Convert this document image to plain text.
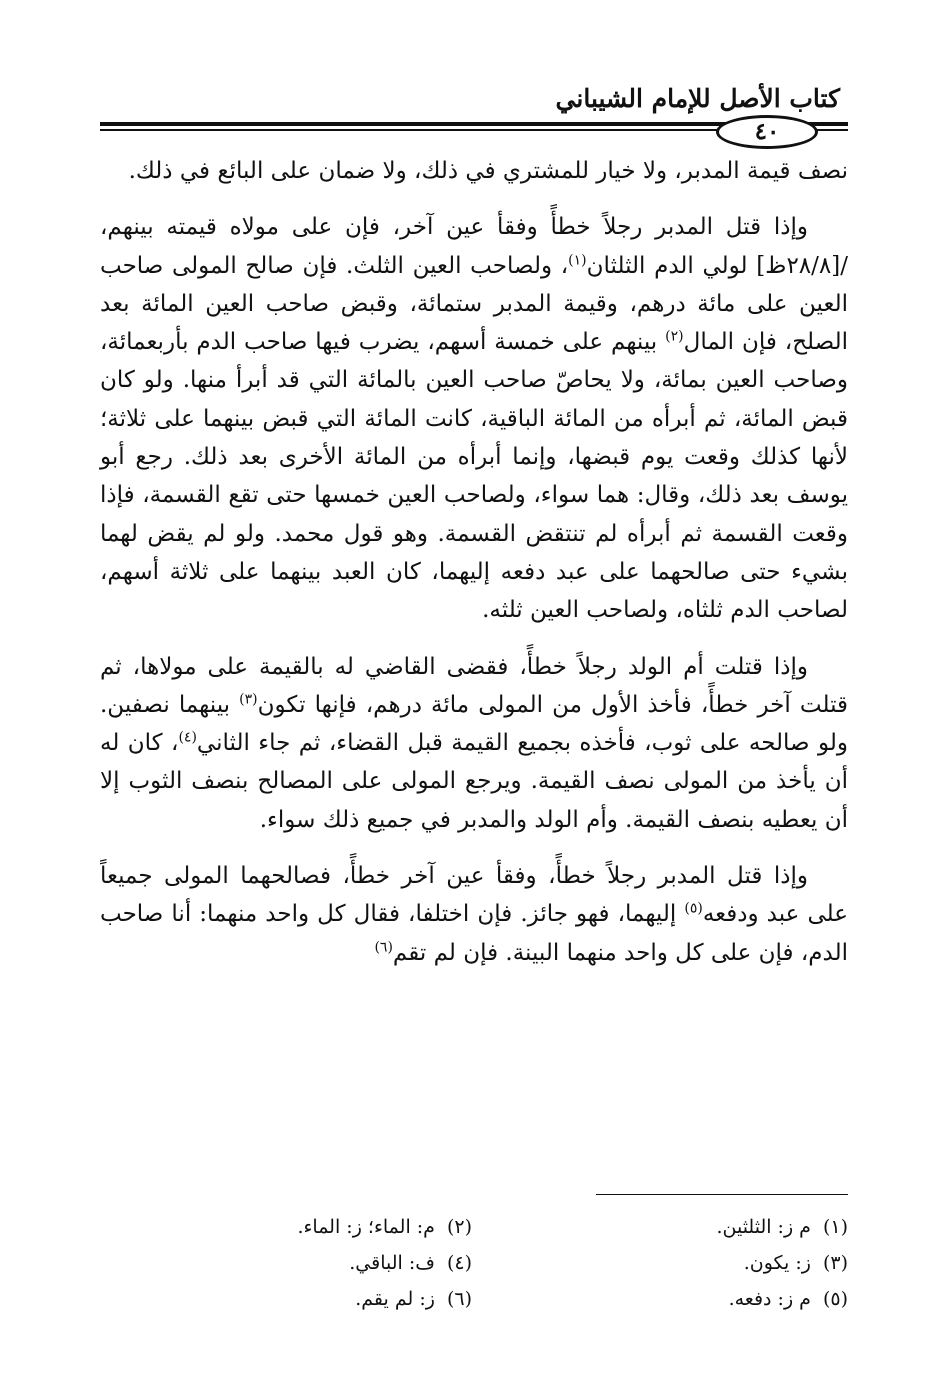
كتاب الأصل للإمام الشيباني
٤٠

نصف قيمة المدبر، ولا خيار للمشتري في ذلك، ولا ضمان على البائع في ذلك.

وإذا قتل المدبر رجلاً خطأً وفقأ عين آخر، فإن على مولاه قيمته بينهم، /[٢٨/٨ظ] لولي الدم الثلثان$^{(١)}$، ولصاحب العين الثلث. فإن صالح المولى صاحب العين على مائة درهم، وقيمة المدبر ستمائة، وقبض صاحب العين المائة بعد الصلح، فإن المال$^{(٢)}$ بينهم على خمسة أسهم، يضرب فيها صاحب الدم بأربعمائة، وصاحب العين بمائة، ولا يحاصّ صاحب العين بالمائة التي قد أبرأ منها. ولو كان قبض المائة، ثم أبرأه من المائة الباقية، كانت المائة التي قبض بينهما على ثلاثة؛ لأنها كذلك وقعت يوم قبضها، وإنما أبرأه من المائة الأخرى بعد ذلك. رجع أبو يوسف بعد ذلك، وقال: هما سواء، ولصاحب العين خمسها حتى تقع القسمة، فإذا وقعت القسمة ثم أبرأه لم تنتقض القسمة. وهو قول محمد. ولو لم يقض لهما بشيء حتى صالحهما على عبد دفعه إليهما، كان العبد بينهما على ثلاثة أسهم، لصاحب الدم ثلثاه، ولصاحب العين ثلثه.

وإذا قتلت أم الولد رجلاً خطأً، فقضى القاضي له بالقيمة على مولاها، ثم قتلت آخر خطأً، فأخذ الأول من المولى مائة درهم، فإنها تكون$^{(٣)}$ بينهما نصفين. ولو صالحه على ثوب، فأخذه بجميع القيمة قبل القضاء، ثم جاء الثاني$^{(٤)}$، كان له أن يأخذ من المولى نصف القيمة. ويرجع المولى على المصالح بنصف الثوب إلا أن يعطيه بنصف القيمة. وأم الولد والمدبر في جميع ذلك سواء.

وإذا قتل المدبر رجلاً خطأً، وفقأ عين آخر خطأً، فصالحهما المولى جميعاً على عبد ودفعه$^{(٥)}$ إليهما، فهو جائز. فإن اختلفا، فقال كل واحد منهما: أنا صاحب الدم، فإن على كل واحد منهما البينة. فإن لم تقم$^{(٦)}$

(١)م ز: الثلثين.
(٢)م: الماء؛ ز: الماء.
(٣)ز: يكون.
(٤)ف: الباقي.
(٥)م ز: دفعه.
(٦)ز: لم يقم.
